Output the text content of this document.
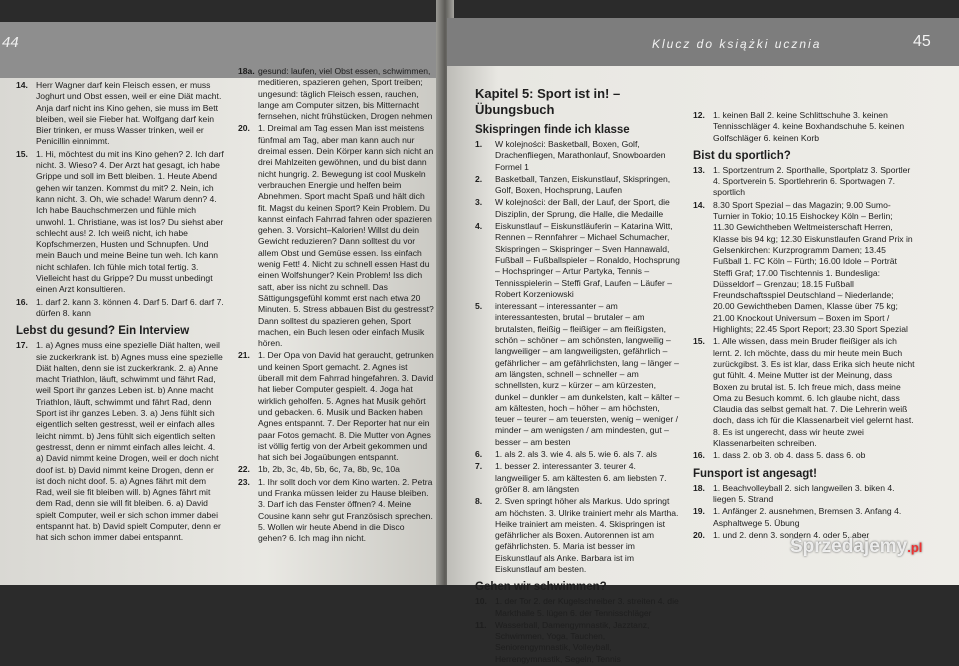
44
14. Herr Wagner darf kein Fleisch essen, er muss Joghurt und Obst essen, weil er eine Diät macht. Anja darf nicht ins Kino gehen, sie muss im Bett bleiben, weil sie Fieber hat. Wolfgang darf kein Bier trinken, er muss Wasser trinken, weil er Penicillin einnimmt.
15. 1. Hi, möchtest du mit ins Kino gehen? 2. Ich darf nicht. 3. Wieso? 4. Der Arzt hat gesagt, ich habe Grippe und soll im Bett bleiben. 1. Heute Abend gehen wir tanzen. Kommst du mit? 2. Nein, ich kann nicht. 3. Oh, wie schade! Warum denn? 4. Ich habe Bauchschmerzen und fühle mich unwohl. 1. Christiane, was ist los? Du siehst aber schlecht aus! 2. Ich weiß nicht, ich habe Kopfschmerzen, Husten und Schnupfen. Und mein Bauch und meine Beine tun weh. Ich kann nicht schlafen. Ich fühle mich total fertig. 3. Vielleicht hast du Grippe? Du musst unbedingt einen Arzt konsultieren.
16. 1. darf 2. kann 3. können 4. Darf 5. Darf 6. darf 7. dürfen 8. kann
Lebst du gesund? Ein Interview
17. 1. a) Agnes muss eine spezielle Diät halten, weil sie zuckerkrank ist. b) Agnes muss eine spezielle Diät halten, denn sie ist zuckerkrank. 2. a) Anne macht Triathlon, läuft, schwimmt und fährt Rad, weil Sport ihr ganzes Leben ist. b) Anne macht Triathlon, läuft, schwimmt und fährt Rad, denn Sport ist ihr ganzes Leben. 3. a) Jens fühlt sich eigentlich selten gestresst, weil er einfach alles leicht nimmt. b) Jens fühlt sich eigentlich selten gestresst, denn er nimmt einfach alles leicht. 4. a) David nimmt keine Drogen, weil er doch nicht doof ist. b) David nimmt keine Drogen, denn er ist doch nicht doof. 5. a) Agnes fährt mit dem Rad, weil sie fit bleiben will. b) Agnes fährt mit dem Rad, denn sie will fit bleiben. 6. a) David spielt Computer, weil er sich schon immer dabei entspannt hat. b) David spielt Computer, denn er hat sich schon immer dabei entspannt.
18a. gesund: laufen, viel Obst essen, schwimmen, meditieren, spazieren gehen, Sport treiben; ungesund: täglich Fleisch essen, rauchen, lange am Computer sitzen, bis Mitternacht fernsehen, nicht frühstücken, Drogen nehmen
20. 1. Dreimal am Tag essen Man isst meistens fünfmal am Tag, aber man kann auch nur dreimal essen. Dein Körper kann sich nicht an drei Mahlzeiten gewöhnen, und du bist dann nicht hungrig. 2. Bewegung ist cool Muskeln verbrauchen Energie und helfen beim Abnehmen. Sport macht Spaß und hält dich fit. Magst du keinen Sport? Kein Problem. Du kannst einfach Fahrrad fahren oder spazieren gehen. 3. Vorsicht–Kalorien! Willst du dein Gewicht reduzieren? Dann solltest du vor allem Obst und Gemüse essen. Iss einfach wenig Fett! 4. Nicht zu schnell essen Hast du einen Wolfshunger? Kein Problem! Iss dich satt, aber iss nicht zu schnell. Das Sättigungsgefühl kommt erst nach etwa 20 Minuten. 5. Stress abbauen Bist du gestresst? Dann solltest du spazieren gehen, Sport machen, ein Buch lesen oder einfach Musik hören.
21. 1. Der Opa von David hat geraucht, getrunken und keinen Sport gemacht. 2. Agnes ist überall mit dem Fahrrad hingefahren. 3. David hat lieber Computer gespielt. 4. Joga hat wirklich geholfen. 5. Agnes hat Musik gehört und gebacken. 6. Musik und Backen haben Agnes entspannt. 7. Der Reporter hat nur ein paar Fotos gemacht. 8. Die Mutter von Agnes ist völlig fertig von der Arbeit gekommen und hat sich bei Jogaübungen entspannt.
22. 1b, 2b, 3c, 4b, 5b, 6c, 7a, 8b, 9c, 10a
23. 1. Ihr sollt doch vor dem Kino warten. 2. Petra und Franka müssen leider zu Hause bleiben. 3. Darf ich das Fenster öffnen? 4. Meine Cousine kann sehr gut Französisch sprechen. 5. Wollen wir heute Abend in die Disco gehen? 6. Ich mag ihn nicht.
Kapitel 5: Sport ist in! – Übungsbuch
Skispringen finde ich klasse
1. W kolejności: Basketball, Boxen, Golf, Drachenfliegen, Marathonlauf, Snowboarden Formel 1
2. Basketball, Tanzen, Eiskunstlauf, Skispringen, Golf, Boxen, Hochsprung, Laufen
3. W kolejności: der Ball, der Lauf, der Sport, die Disziplin, der Sprung, die Halle, die Medaille
4. Eiskunstlauf – Eiskunstläuferin – Katarina Witt, Rennen – Rennfahrer – Michael Schumacher, Skispringen – Skispringer – Sven Hannawald, Fußball – Fußballspieler – Ronaldo, Hochsprung – Hochspringer – Artur Partyka, Tennis – Tennisspielerin – Steffi Graf, Laufen – Läufer – Robert Korzeniowski
5. interessant – interessanter – am interessantesten, brutal – brutaler – am brutalsten, fleißig – fleißiger – am fleißigsten, schön – schöner – am schönsten, langweilig – langweiliger – am langweiligsten, gefährlich – gefährlicher – am gefährlichsten, lang – länger – am längsten, schnell – schneller – am schnellsten, kurz – kürzer – am kürzesten, dunkel – dunkler – am dunkelsten, kalt – kälter – am kältesten, hoch – höher – am höchsten, teuer – teurer – am teuersten, wenig – weniger / minder – am wenigsten / am mindesten, gut – besser – am besten
6. 1. als 2. als 3. wie 4. als 5. wie 6. als 7. als
7. 1. besser 2. interessanter 3. teurer 4. langweiliger 5. am kältesten 6. am liebsten 7. größer 8. am längsten
8. 2. Sven springt höher als Markus. Udo springt am höchsten. 3. Ulrike trainiert mehr als Martha. Heike trainiert am meisten. 4. Skispringen ist gefährlicher als Boxen. Autorennen ist am gefährlichsten. 5. Maria ist besser im Eiskunstlauf als Anke. Barbara ist im Eiskunstlauf am besten.
Gehen wir schwimmen?
10. 1. der Tor 2. der Kugelschreiber 3. streiten 4. die Markthalle 5. lügen 6. der Tennisschläger
11. Wasserball, Damengymnastik, Jazztanz, Schwimmen, Yoga, Tauchen, Seniorengymnastik, Volleyball, Herrengymnastik, Segeln, Tennis
12. 1. keinen Ball 2. keine Schlittschuhe 3. keinen Tennisschläger 4. keine Boxhandschuhe 5. keinen Golfschläger 6. keinen Korb
Bist du sportlich?
13. 1. Sportzentrum 2. Sporthalle, Sportplatz 3. Sportler 4. Sportverein 5. Sportlehrerin 6. Sportwagen 7. sportlich
14. 8.30 Sport Spezial – das Magazin; 9.00 Sumo-Turnier in Tokio; 10.15 Eishockey Köln – Berlin; 11.30 Gewichtheben Weltmeisterschaft Herren, Klasse bis 94 kg; 12.30 Eiskunstlaufen Grand Prix in Gelsenkirchen: Kurzprogramm Damen; 13.45 Fußball 1. FC Köln – Fürth; 16.00 Idole – Porträt Steffi Graf; 17.00 Tischtennis 1. Bundesliga: Düsseldorf – Grenzau; 18.15 Fußball Freundschaftsspiel Deutschland – Niederlande; 20.00 Gewichtheben Damen, Klasse über 75 kg; 21.00 Knockout Universum – Boxen im Sport / Highlights; 22.45 Sport Report; 23.30 Sport Spezial
15. 1. Alle wissen, dass mein Bruder fleißiger als ich lernt. 2. Ich möchte, dass du mir heute mein Buch zurückgibst. 3. Es ist klar, dass Erika sich heute nicht gut fühlt. 4. Meine Mutter ist der Meinung, dass Boxen zu brutal ist. 5. Ich freue mich, dass meine Oma zu Besuch kommt. 6. Ich glaube nicht, dass Claudia das selbst gemalt hat. 7. Die Lehrerin weiß doch, dass ich für die Klassenarbeit viel gelernt hast. 8. Es ist ungerecht, dass wir heute zwei Klassenarbeiten schreiben.
16. 1. dass 2. ob 3. ob 4. dass 5. dass 6. ob
Funsport ist angesagt!
18. 1. Beachvolleyball 2. sich langweilen 3. biken 4. liegen 5. Strand
19. 1. Anfänger 2. ausnehmen, Bremsen 3. Anfang 4. Asphaltwege 5. Übung
20. 1. und 2. denn 3. sondern 4. oder 5. aber
Klucz do książki ucznia	45
Sprzedajemy.pl
